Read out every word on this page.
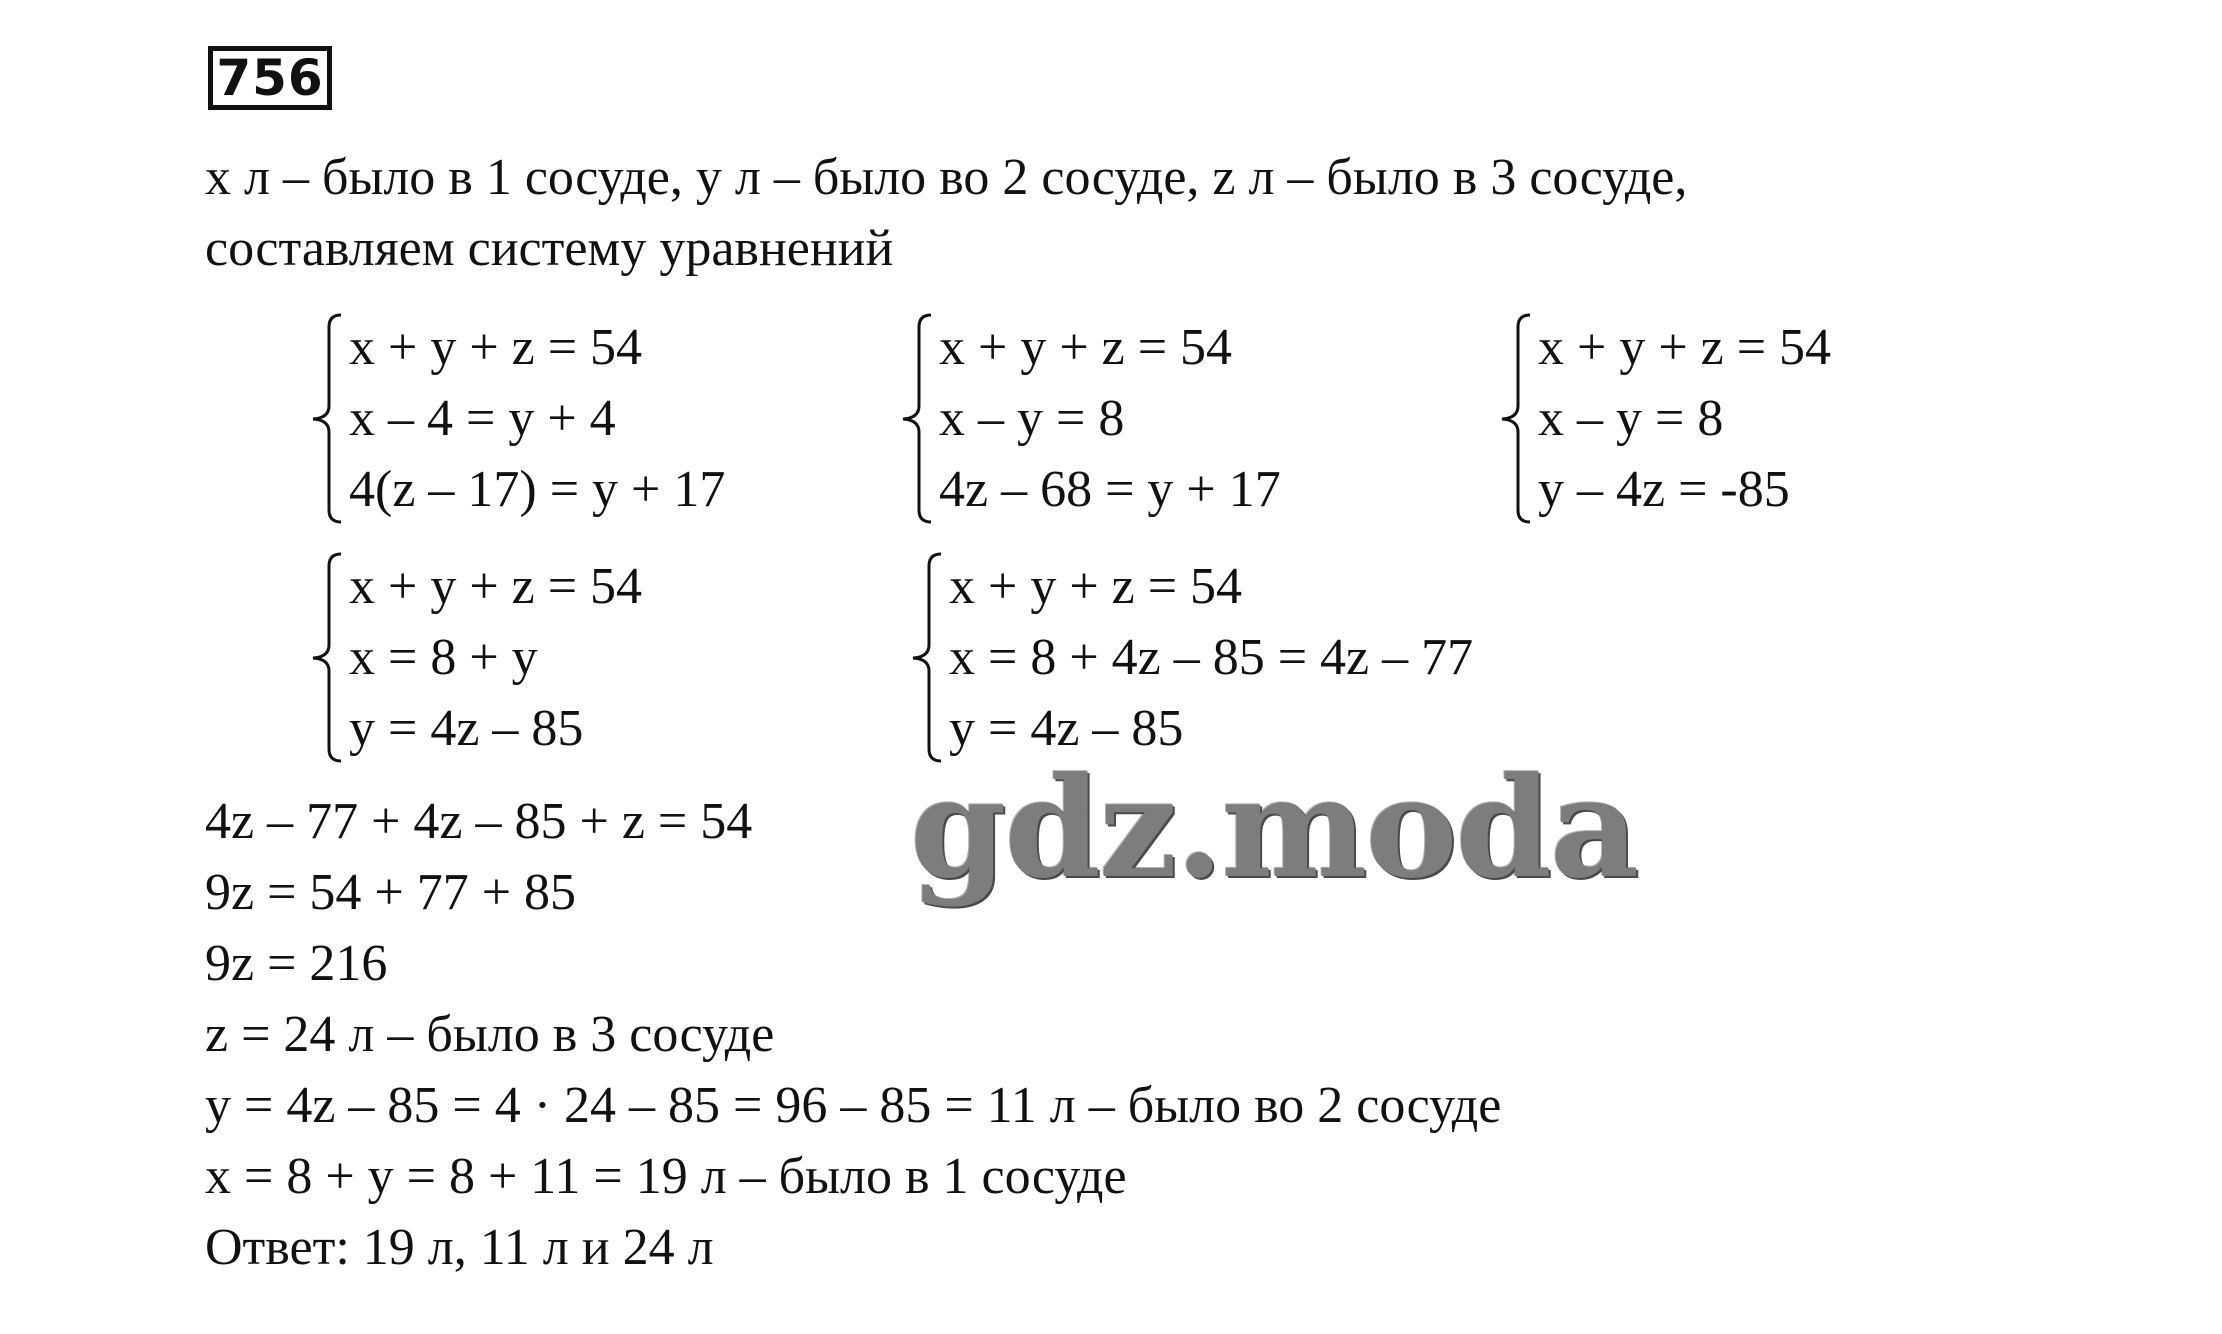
756
x л – было в 1 сосуде, y л – было во 2 сосуде, z л – было в 3 сосуде,
составляем систему уравнений
x + y + z = 54
x – 4 = y + 4
4(z – 17) = y + 17
x + y + z = 54
x – y = 8
4z – 68 = y + 17
x + y + z = 54
x – y = 8
y – 4z = -85
x + y + z = 54
x = 8 + y
y = 4z – 85
x + y + z = 54
x = 8 + 4z – 85 = 4z – 77
y = 4z – 85
gdz.moda
4z – 77 + 4z – 85 + z = 54
9z = 54 + 77 + 85
9z = 216
z = 24 л – было в 3 сосуде
y = 4z – 85 = 4 · 24 – 85 = 96 – 85 = 11 л – было во 2 сосуде
x = 8 + y = 8 + 11 = 19 л – было в 1 сосуде
Ответ: 19 л, 11 л и 24 л
